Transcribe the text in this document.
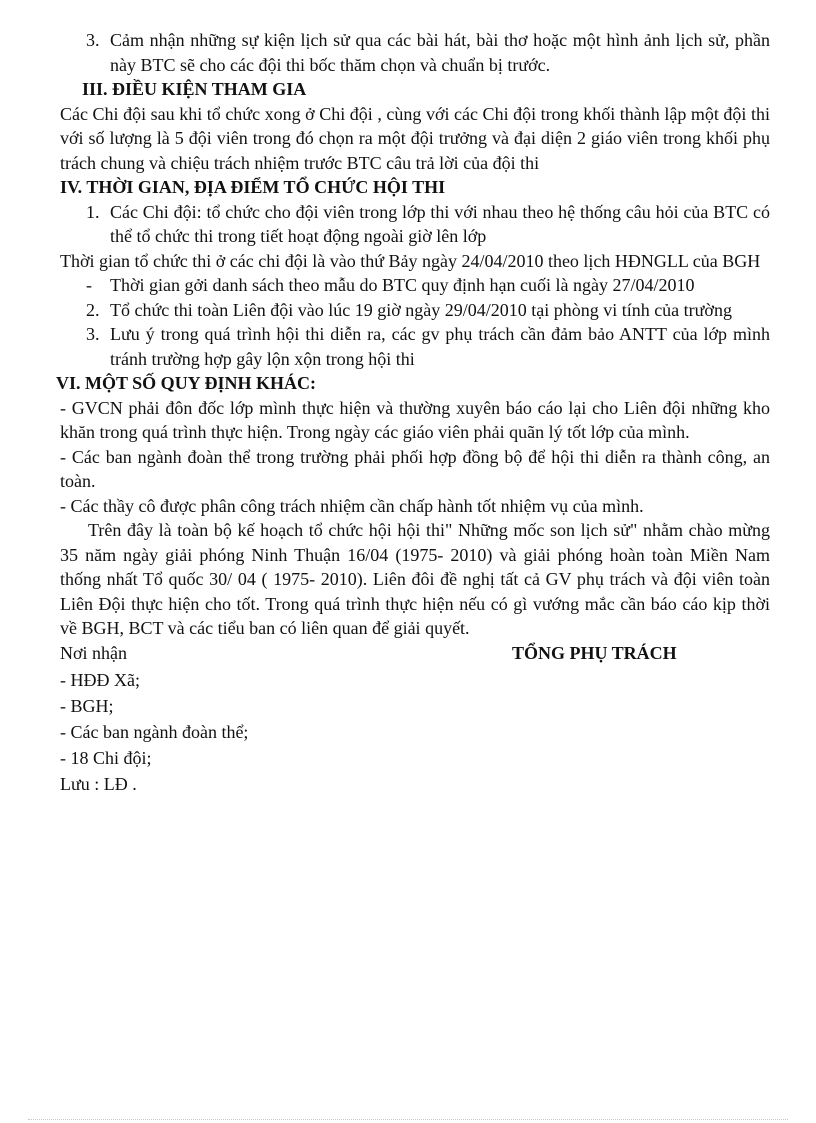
3. Cảm nhận những sự kiện lịch sử qua các bài hát, bài thơ hoặc một hình ảnh lịch sử, phần này BTC sẽ cho các đội thi bốc thăm chọn và chuẩn bị trước.

III. ĐIỀU KIỆN THAM GIA

Các Chi đội sau khi tổ chức xong ở Chi đội , cùng với các Chi đội trong khối thành lập một đội thi với số lượng là 5 đội viên trong đó chọn ra một đội trưởng và đại diện 2 giáo viên trong khối phụ trách chung và chiệu trách nhiệm trước BTC câu trả lời của đội thi

IV. THỜI GIAN, ĐỊA ĐIỂM TỔ CHỨC HỘI THI

1. Các Chi đội: tổ chức cho đội viên trong lớp thi với nhau theo hệ thống câu hỏi của BTC có thể tổ chức thi trong tiết hoạt động ngoài giờ lên lớp

Thời gian tổ chức thi ở các chi đội là vào thứ Bảy ngày 24/04/2010 theo lịch HĐNGLL của BGH

- Thời gian gởi danh sách theo mẫu do BTC quy định hạn cuối là ngày 27/04/2010
2. Tổ chức thi toàn Liên đội vào lúc 19 giờ ngày 29/04/2010 tại phòng vi tính của trường
3. Lưu ý trong quá trình hội thi diễn ra, các gv phụ trách cần đảm bảo ANTT của lớp mình tránh trường hợp gây lộn xộn trong hội thi

VI. MỘT SỐ QUY ĐỊNH KHÁC:

- GVCN phải đôn đốc lớp mình thực hiện và thường xuyên báo cáo lại cho Liên đội những kho khăn trong quá trình thực hiện. Trong ngày các giáo viên phải quãn lý tốt lớp của mình.

- Các ban ngành đoàn thể trong trường phải phối hợp đồng bộ để hội thi diễn ra thành công, an toàn.

- Các thầy cô được phân công trách nhiệm cần chấp hành tốt nhiệm vụ của mình.

Trên đây là toàn bộ kế hoạch tổ chức hội hội thi" Những mốc son lịch sử" nhằm chào mừng 35 năm ngày giải phóng Ninh Thuận 16/04 (1975- 2010) và giải phóng hoàn toàn Miền Nam thống nhất Tổ quốc 30/ 04 ( 1975- 2010). Liên đôi đề nghị tất cả GV phụ trách và đội viên toàn Liên Đội thực hiện cho tốt. Trong quá trình thực hiện nếu có gì vướng mắc cần báo cáo kịp thời về BGH, BCT và các tiểu ban có liên quan để giải quyết.

Nơi nhận	TỔNG PHỤ TRÁCH
- HĐĐ Xã;
- BGH;
- Các ban ngành đoàn thể;
- 18 Chi đội;
Lưu : LĐ .
